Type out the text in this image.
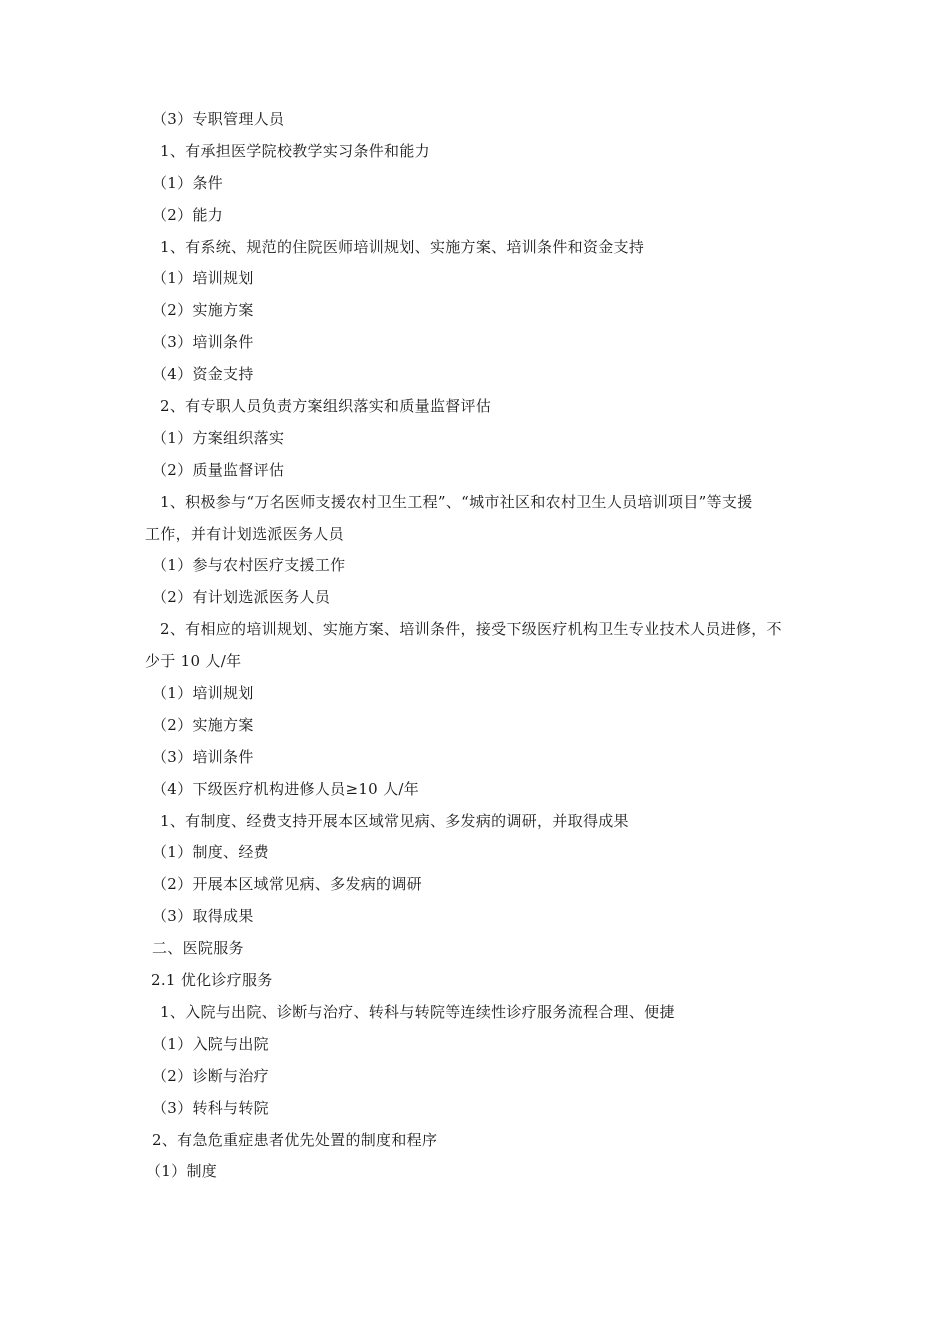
（3）专职管理人员
1、有承担医学院校教学实习条件和能力
（1）条件
（2）能力
1、有系统、规范的住院医师培训规划、实施方案、培训条件和资金支持
（1）培训规划
（2）实施方案
（3）培训条件
（4）资金支持
2、有专职人员负责方案组织落实和质量监督评估
（1）方案组织落实
（2）质量监督评估
1、积极参与“万名医师支援农村卫生工程”、“城市社区和农村卫生人员培训项目”等支援
工作，并有计划选派医务人员
（1）参与农村医疗支援工作
（2）有计划选派医务人员
2、有相应的培训规划、实施方案、培训条件，接受下级医疗机构卫生专业技术人员进修，不
少于 10 人/年
（1）培训规划
（2）实施方案
（3）培训条件
（4）下级医疗机构进修人员≥10 人/年
1、有制度、经费支持开展本区域常见病、多发病的调研，并取得成果
（1）制度、经费
（2）开展本区域常见病、多发病的调研
（3）取得成果
二、医院服务
2.1 优化诊疗服务
1、入院与出院、诊断与治疗、转科与转院等连续性诊疗服务流程合理、便捷
（1）入院与出院
（2）诊断与治疗
（3）转科与转院
2、有急危重症患者优先处置的制度和程序
（1）制度
